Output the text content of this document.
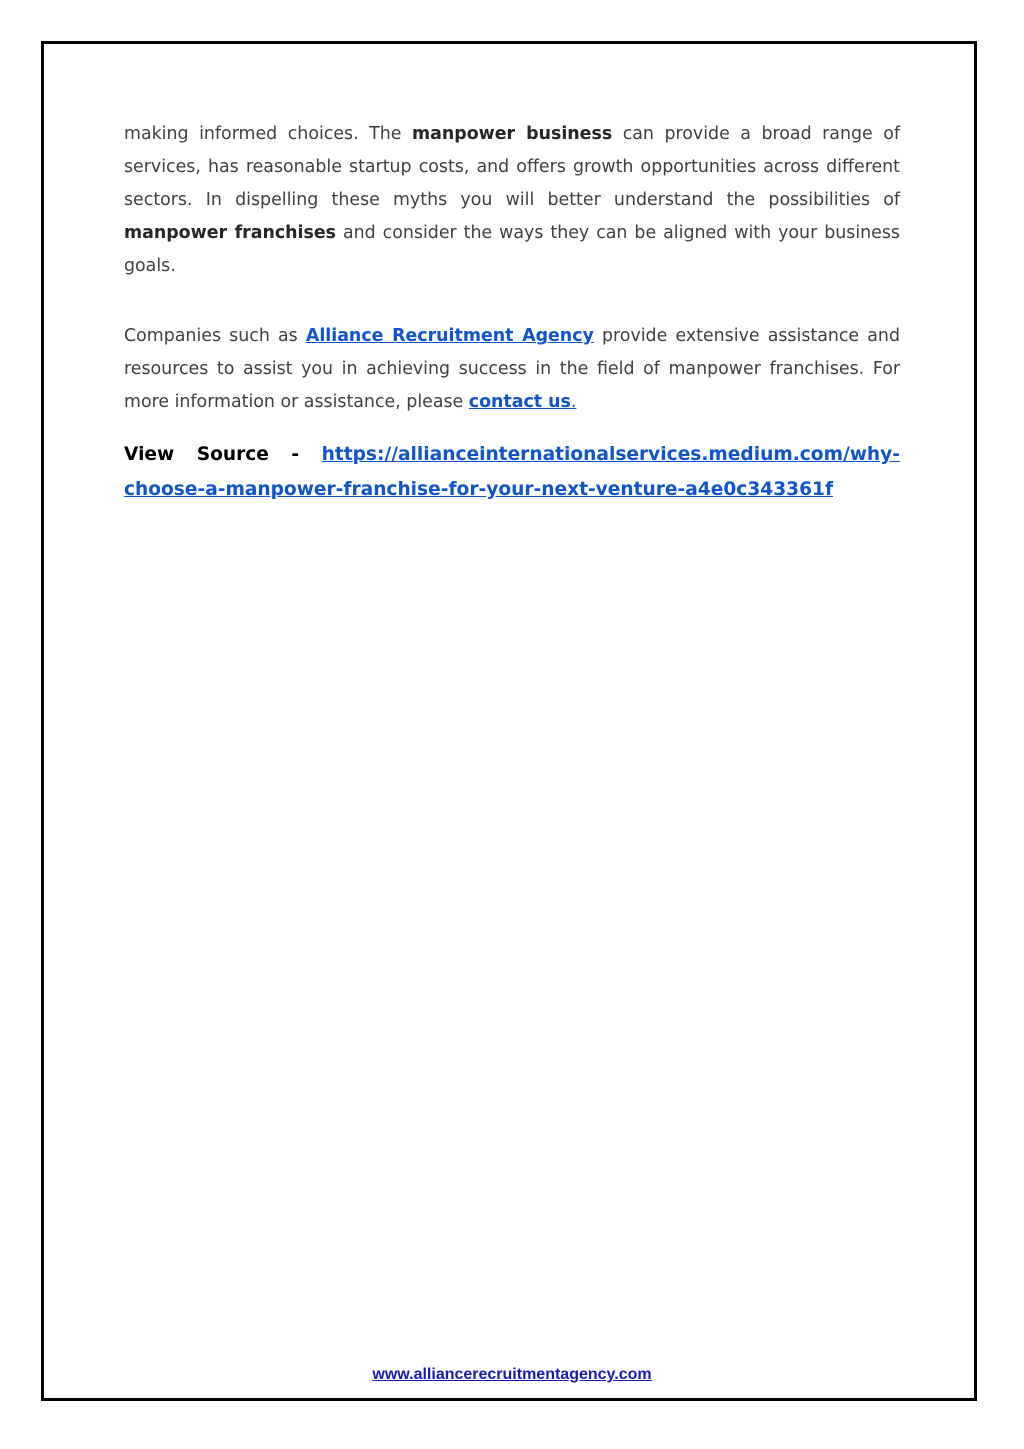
making informed choices. The manpower business can provide a broad range of services, has reasonable startup costs, and offers growth opportunities across different sectors. In dispelling these myths you will better understand the possibilities of manpower franchises and consider the ways they can be aligned with your business goals.

Companies such as Alliance Recruitment Agency provide extensive assistance and resources to assist you in achieving success in the field of manpower franchises. For more information or assistance, please contact us.

View Source - https://allianceinternationalservices.medium.com/why-choose-a-manpower-franchise-for-your-next-venture-a4e0c343361f

www.alliancerecruitmentagency.com
